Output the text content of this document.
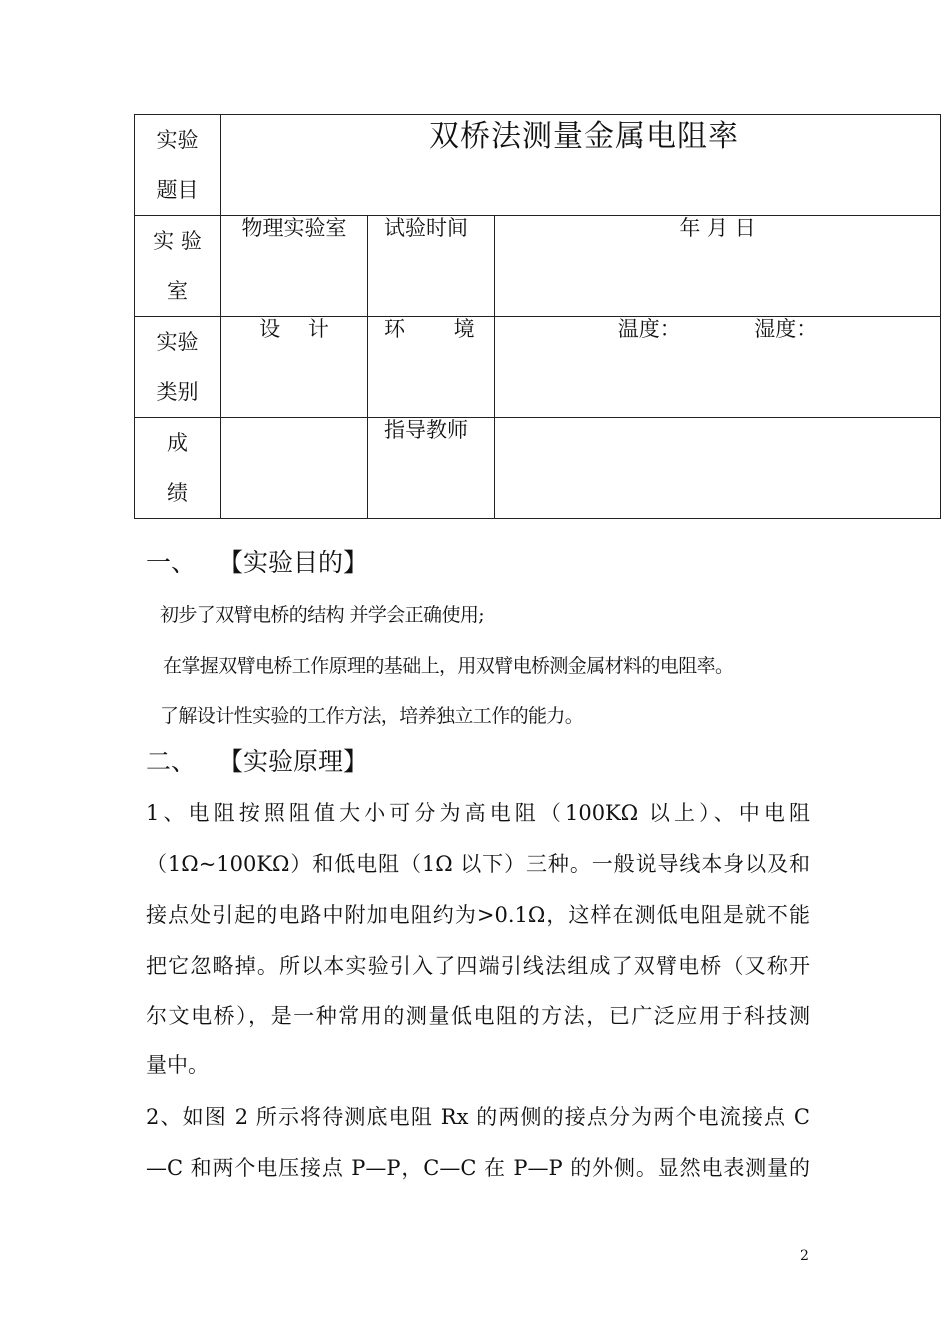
实验
题目	双桥法测量金属电阻率		

实 验
室	物理实验室	试验时间	年 月 日

实验
类别	设　 计	环　　 境	温度：　　　　湿度：

成
绩		指导教师	
一、 【实验目的】
初步了双臂电桥的结构 并学会正确使用;
在掌握双臂电桥工作原理的基础上，用双臂电桥测金属材料的电阻率。
了解设计性实验的工作方法，培养独立工作的能力。
二、 【实验原理】
1、电阻按照阻值大小可分为高电阻（100KΩ 以上）、中电阻
（1Ω~100KΩ）和低电阻（1Ω 以下）三种。一般说导线本身以及和
接点处引起的电路中附加电阻约为>0.1Ω，这样在测低电阻是就不能
把它忽略掉。所以本实验引入了四端引线法组成了双臂电桥（又称开
尔文电桥），是一种常用的测量低电阻的方法，已广泛应用于科技测
量中。
2、如图 2 所示将待测底电阻 Rx 的两侧的接点分为两个电流接点 C
—C 和两个电压接点 P—P，C—C 在 P—P 的外侧。显然电表测量的
2
